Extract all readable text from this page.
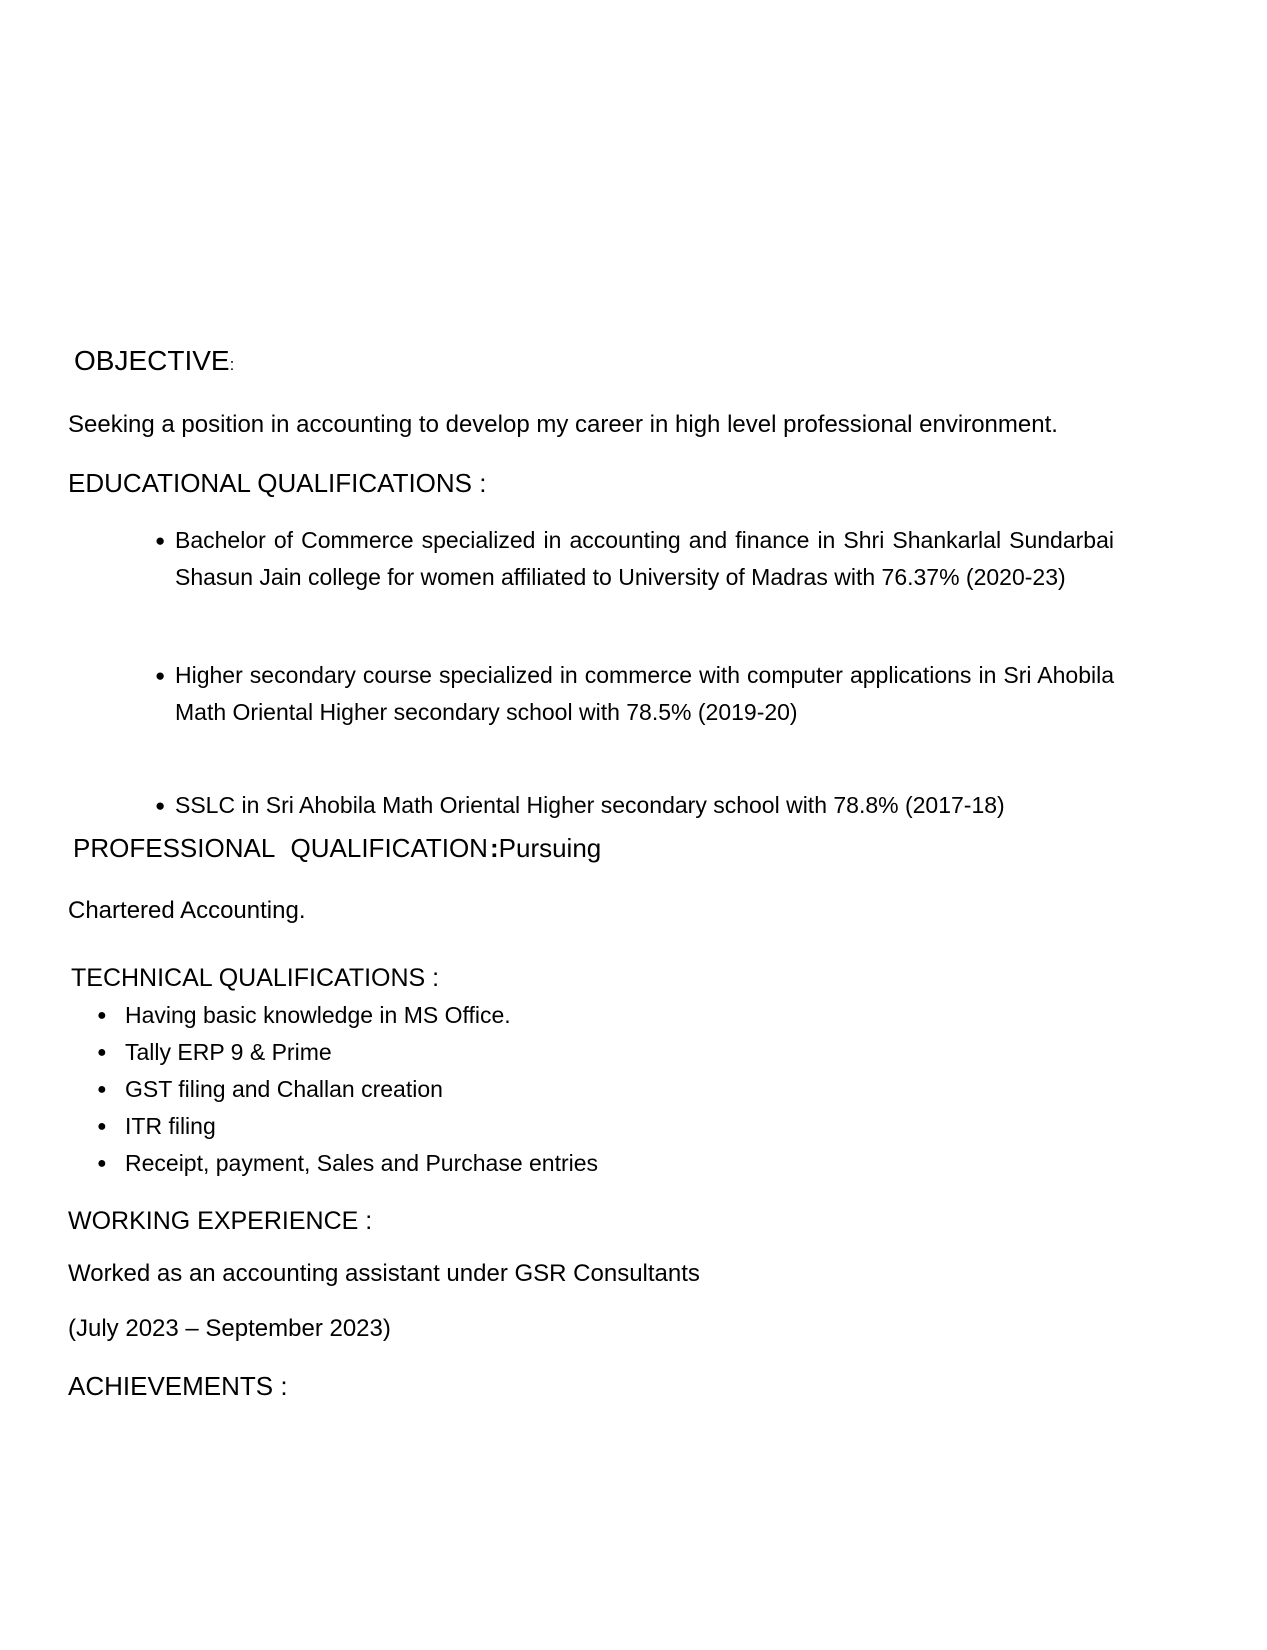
OBJECTIVE:
Seeking a position in accounting to develop my career in high level professional environment.
EDUCATIONAL QUALIFICATIONS :
● Bachelor of Commerce specialized in accounting and finance in Shri Shankarlal Sundarbai Shasun Jain college for women affiliated to University of Madras with 76.37% (2020-23)
● Higher secondary course specialized in commerce with computer applications in Sri Ahobila Math Oriental Higher secondary school with 78.5% (2019-20)
● SSLC in Sri Ahobila Math Oriental Higher secondary school with 78.8% (2017-18)
PROFESSIONAL QUALIFICATION:Pursuing
Chartered Accounting.
TECHNICAL QUALIFICATIONS :
● Having basic knowledge in MS Office.
● Tally ERP 9 & Prime
● GST filing and Challan creation
● ITR filing
● Receipt, payment, Sales and Purchase entries
WORKING EXPERIENCE :
Worked as an accounting assistant under GSR Consultants
(July 2023 – September 2023)
ACHIEVEMENTS :
